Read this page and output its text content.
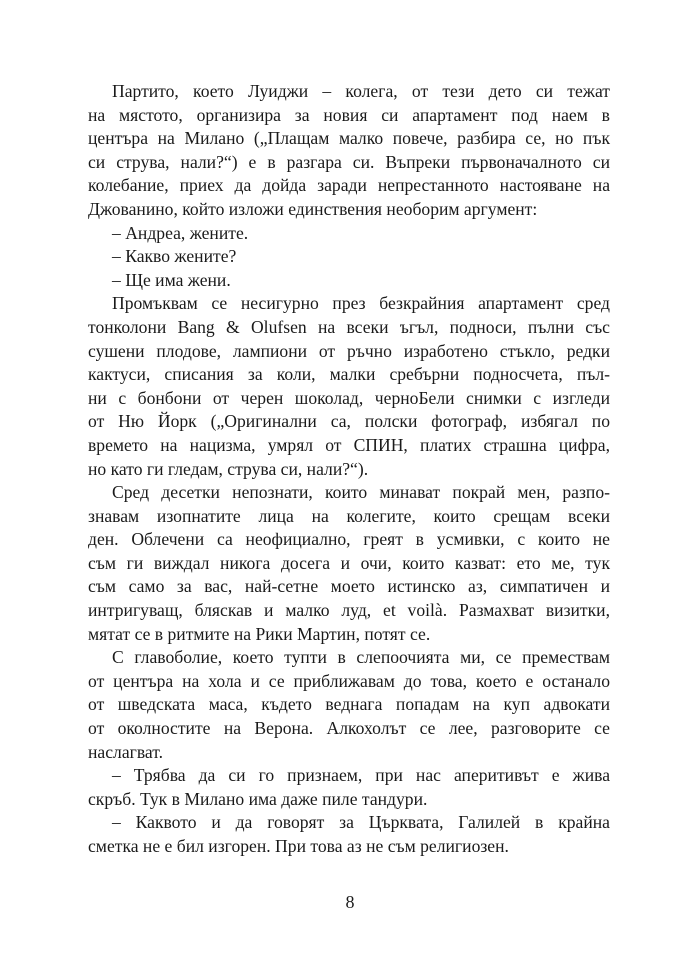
Партито, което Луиджи – колега, от тези дето си тежат
на мястото, организира за новия си апартамент под наем в
центъра на Милано („Плащам малко повече, разбира се, но пък
си струва, нали?“) е в разгара си. Въпреки първоначалното си
колебание, приех да дойда заради непрестанното настояване на
Джованино, който изложи единствения необорим аргумент:
– Андреа, жените.
– Какво жените?
– Ще има жени.
Промъквам се несигурно през безкрайния апартамент сред
тонколони Bang & Olufsen на всеки ъгъл, подноси, пълни със
сушени плодове, лампиони от ръчно изработено стъкло, редки
кактуси, списания за коли, малки сребърни подносчета, пъл-
ни с бонбони от черен шоколад, черноБели снимки с изгледи
от Ню Йорк („Оригинални са, полски фотограф, избягал по
времето на нацизма, умрял от СПИН, платих страшна цифра,
но като ги гледам, струва си, нали?“).
Сред десетки непознати, които минават покрай мен, разпо-
знавам изопнатите лица на колегите, които срещам всеки
ден. Облечени са неофициално, греят в усмивки, с които не
съм ги виждал никога досега и очи, които казват: ето ме, тук
съм само за вас, най-сетне моето истинско аз, симпатичен и
интригуващ, бляскав и малко луд, et voilà. Размахват визитки,
мятат се в ритмите на Рики Мартин, потят се.
С главоболие, което тупти в слепоочията ми, се премествам
от центъра на хола и се приближавам до това, което е останало
от шведската маса, където веднага попадам на куп адвокати
от околностите на Верона. Алкохолът се лее, разговорите се
наслагват.
– Трябва да си го признаем, при нас аперитивът е жива
скръб. Тук в Милано има даже пиле тандури.
– Каквото и да говорят за Църквата, Галилей в крайна
сметка не е бил изгорен. При това аз не съм религиозен.
8
